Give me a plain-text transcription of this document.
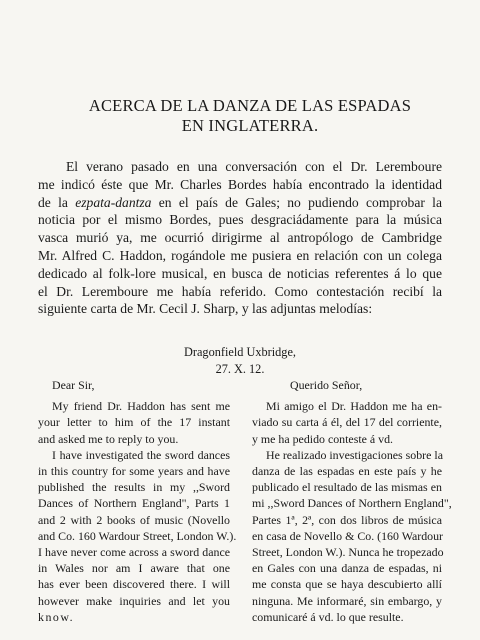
ACERCA DE LA DANZA DE LAS ESPADAS
EN INGLATERRA.
El verano pasado en una conversación con el Dr. Leremboure
me indicó éste que Mr. Charles Bordes había encontrado la identidad
de la ezpata-dantza en el país de Gales; no pudiendo comprobar la
noticia por el mismo Bordes, pues desgraciádamente para la música
vasca murió ya, me ocurrió dirigirme al antropólogo de Cambridge
Mr. Alfred C. Haddon, rogándole me pusiera en relación con un colega
dedicado al folk-lore musical, en busca de noticias referentes á lo que
el Dr. Leremboure me había referido. Como contestación recibí la
siguiente carta de Mr. Cecil J. Sharp, y las adjuntas melodías:
Dragonfield Uxbridge,
27. X. 12.
Dear Sir,
My friend Dr. Haddon has sent me
your letter to him of the 17 instant
and asked me to reply to you.
I have investigated the sword dances
in this country for some years and have
published the results in my ,,Sword
Dances of Northern England", Parts 1
and 2 with 2 books of music (Novello
and Co. 160 Wardour Street, London W.).
I have never come across a sword dance
in Wales nor am I aware that one
has ever been discovered there. I will
however make inquiries and let you
know.
Querido Señor,
Mi amigo el Dr. Haddon me ha en-
viado su carta á él, del 17 del corriente,
y me ha pedido conteste á vd.
He realizado investigaciones sobre la
danza de las espadas en este país y he
publicado el resultado de las mismas en
mi ,,Sword Dances of Northern England",
Partes 1ª, 2ª, con dos libros de música
en casa de Novello & Co. (160 Wardour
Street, London W.). Nunca he tropezado
en Gales con una danza de espadas, ni
me consta que se haya descubierto allí
ninguna. Me informaré, sin embargo, y
comunicaré á vd. lo que resulte.
